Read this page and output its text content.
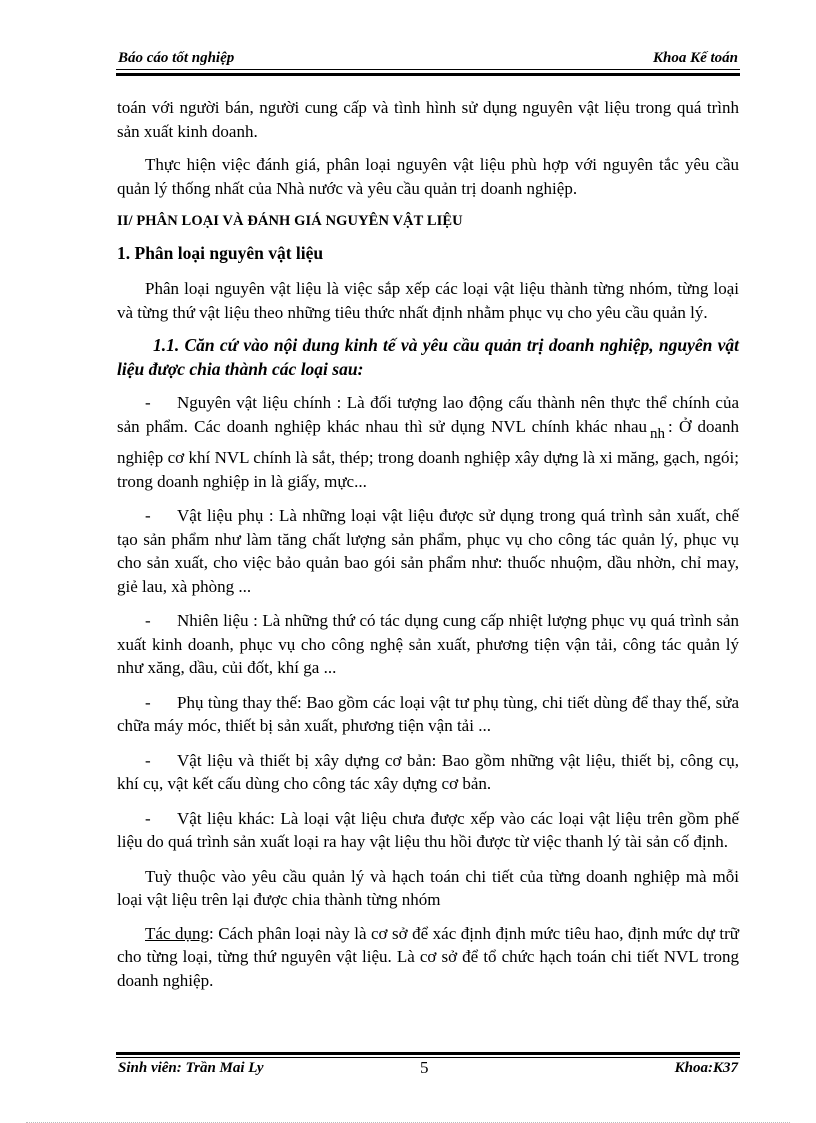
Báo cáo tốt nghiệp	Khoa Kế toán

toán với người bán, người cung cấp và tình hình sử dụng nguyên vật liệu trong quá trình sản xuất kinh doanh.

Thực hiện việc đánh giá, phân loại nguyên vật liệu phù hợp với nguyên tắc yêu cầu quản lý thống nhất của Nhà nước và yêu cầu quản trị doanh nghiệp.

II/ PHÂN LOẠI VÀ ĐÁNH GIÁ NGUYÊN VẬT LIỆU

1. Phân loại nguyên vật liệu

Phân loại nguyên vật liệu là việc sắp xếp các loại vật liệu thành từng nhóm, từng loại và từng thứ vật liệu theo những tiêu thức nhất định nhằm phục vụ cho yêu cầu quản lý.

1.1. Căn cứ vào nội dung kinh tế và yêu cầu quản trị doanh nghiệp, nguyên vật liệu được chia thành các loại sau:

- Nguyên vật liệu chính : Là đối tượng lao động cấu thành nên thực thể chính của sản phẩm. Các doanh nghiệp khác nhau thì sử dụng NVL chính khác nhau nh : Ở doanh nghiệp cơ khí NVL chính là sắt, thép; trong doanh nghiệp xây dựng là xi măng, gạch, ngói; trong doanh nghiệp in là giấy, mực...

- Vật liệu phụ : Là những loại vật liệu được sử dụng trong quá trình sản xuất, chế tạo sản phẩm như làm tăng chất lượng sản phẩm, phục vụ cho công tác quản lý, phục vụ cho sản xuất, cho việc bảo quản bao gói sản phẩm như: thuốc nhuộm, dầu nhờn, chỉ may, giẻ lau, xà phòng ...

- Nhiên liệu : Là những thứ có tác dụng cung cấp nhiệt lượng phục vụ quá trình sản xuất kinh doanh, phục vụ cho công nghệ sản xuất, phương tiện vận tải, công tác quản lý như xăng, dầu, củi đốt, khí ga ...

- Phụ tùng thay thế: Bao gồm các loại vật tư phụ tùng, chi tiết dùng để thay thế, sửa chữa máy móc, thiết bị sản xuất, phương tiện vận tải ...

- Vật liệu và thiết bị xây dựng cơ bản: Bao gồm những vật liệu, thiết bị, công cụ, khí cụ, vật kết cấu dùng cho công tác xây dựng cơ bản.

- Vật liệu khác: Là loại vật liệu chưa được xếp vào các loại vật liệu trên gồm phế liệu do quá trình sản xuất loại ra hay vật liệu thu hồi được từ việc thanh lý tài sản cố định.

Tuỳ thuộc vào yêu cầu quản lý và hạch toán chi tiết của từng doanh nghiệp mà mỗi loại vật liệu trên lại được chia thành từng nhóm

Tác dụng: Cách phân loại này là cơ sở để xác định định mức tiêu hao, định mức dự trữ cho từng loại, từng thứ nguyên vật liệu. Là cơ sở để tổ chức hạch toán chi tiết NVL trong doanh nghiệp.

Sinh viên: Trần Mai Ly	5	Khoa:K37
